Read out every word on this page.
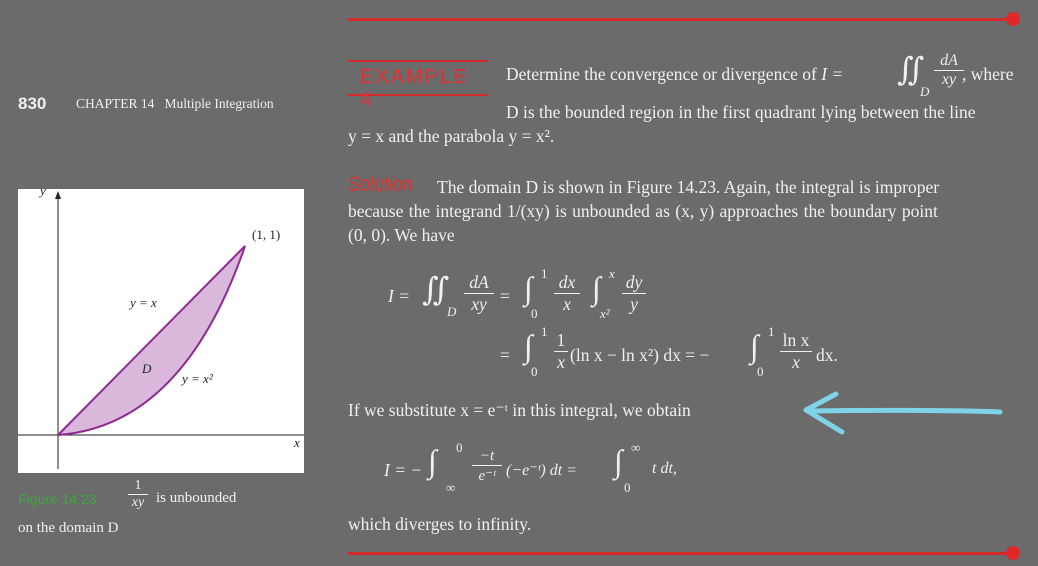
830 CHAPTER 14 Multiple Integration
EXAMPLE 4
Determine the convergence or divergence of I = ∬
D
$\frac{dA}{xy}$
, where
D is the bounded region in the first quadrant lying between the line
y = x and the parabola y = x².
Solution The domain D is shown in Figure 14.23. Again, the integral is improper
because the integrand 1/(xy) is unbounded as (x, y) approaches the boundary point
(0, 0). We have
I = ∬
D $\frac{dA}{xy}$ = ∫ 1
$0 \frac{dx}{x}$ ∫ x
$x^2 \frac{dy}{y}$
= ∫ 1
$0 \frac{1}{x} (\ln$ x − ln x²) dx = − ∫ 1
$0 \frac{\text{ln x}}{x}$ dx.
If we substitute x = e⁻ᵗ in this integral, we obtain
I = − ∫ 0
∞
$\frac{-t}{\text{e⁻ᵗ}}$ (−e⁻ᵗ) dt = ∫ ∞
0
t dt,
which diverges to infinity.
y
x
(1, 1)
y = x
D
y = x²
Figure $14.23 \frac{1}{xy}$ is unbounded
on the domain D
